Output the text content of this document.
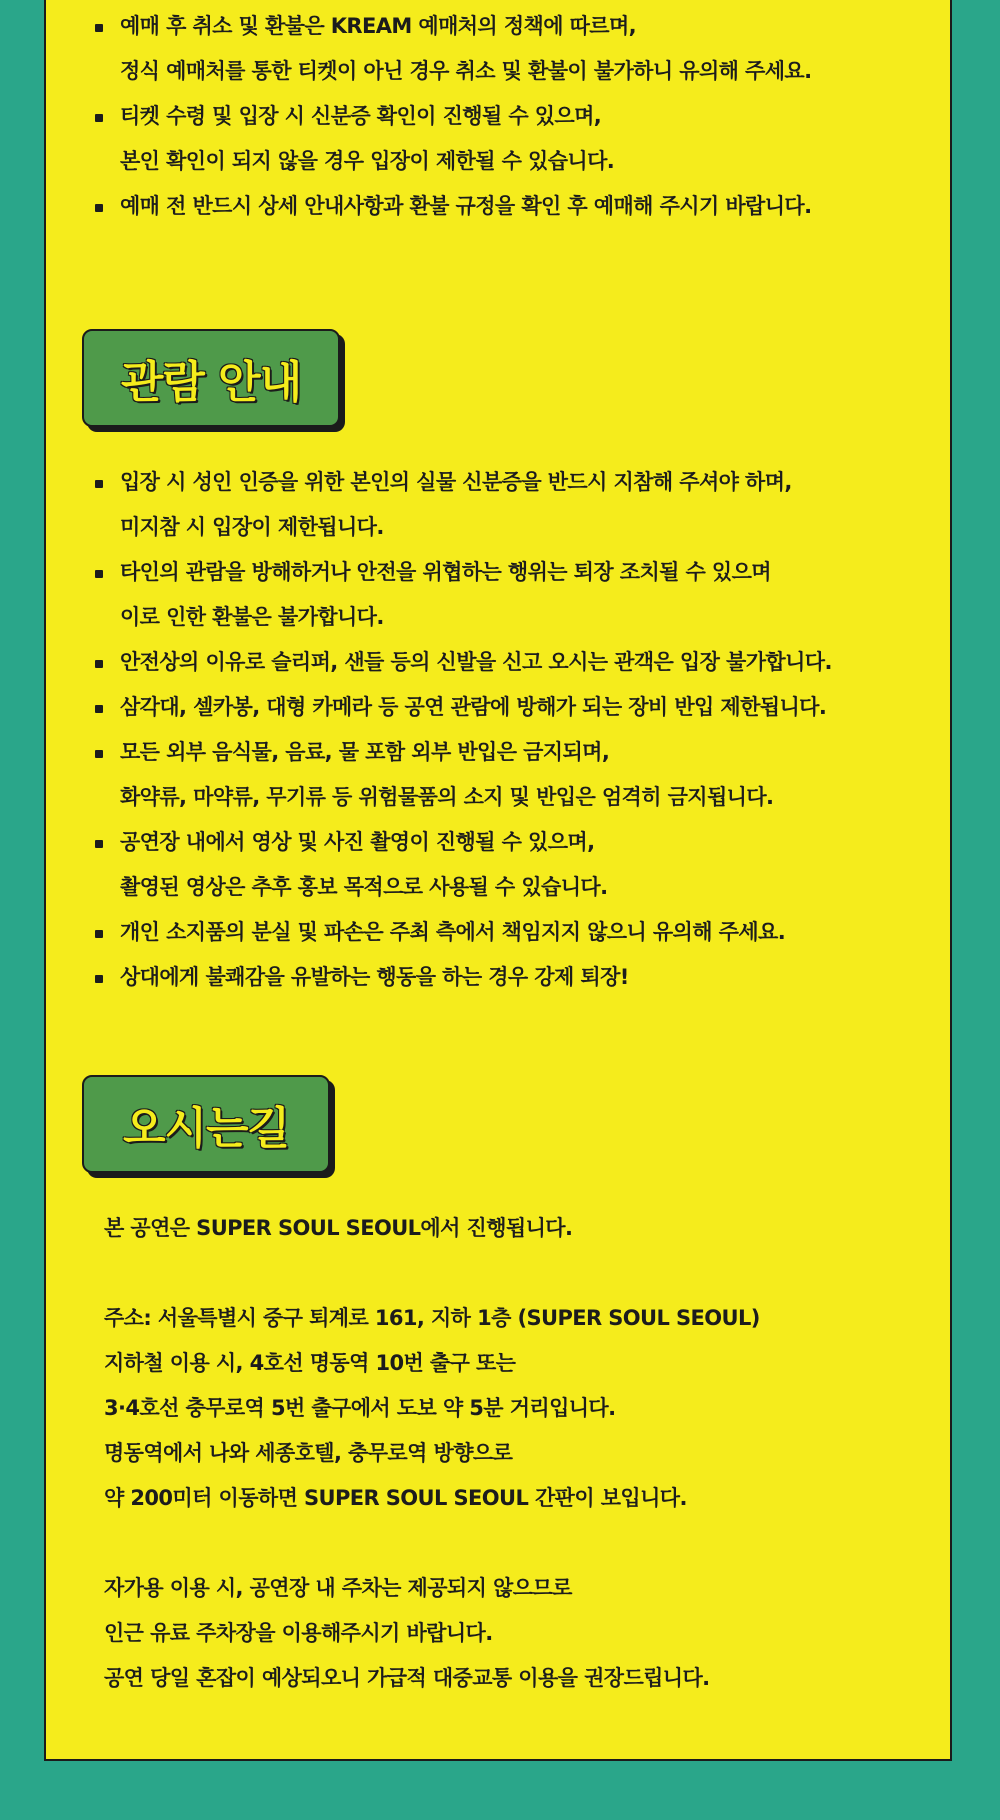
예매 후 취소 및 환불은 KREAM 예매처의 정책에 따르며,
정식 예매처를 통한 티켓이 아닌 경우 취소 및 환불이 불가하니 유의해 주세요.
티켓 수령 및 입장 시 신분증 확인이 진행될 수 있으며,
본인 확인이 되지 않을 경우 입장이 제한될 수 있습니다.
예매 전 반드시 상세 안내사항과 환불 규정을 확인 후 예매해 주시기 바랍니다.
관람 안내
입장 시 성인 인증을 위한 본인의 실물 신분증을 반드시 지참해 주셔야 하며,
미지참 시 입장이 제한됩니다.
타인의 관람을 방해하거나 안전을 위협하는 행위는 퇴장 조치될 수 있으며
이로 인한 환불은 불가합니다.
안전상의 이유로 슬리퍼, 샌들 등의 신발을 신고 오시는 관객은 입장 불가합니다.
삼각대, 셀카봉, 대형 카메라 등 공연 관람에 방해가 되는 장비 반입 제한됩니다.
모든 외부 음식물, 음료, 물 포함 외부 반입은 금지되며,
화약류, 마약류, 무기류 등 위험물품의 소지 및 반입은 엄격히 금지됩니다.
공연장 내에서 영상 및 사진 촬영이 진행될 수 있으며,
촬영된 영상은 추후 홍보 목적으로 사용될 수 있습니다.
개인 소지품의 분실 및 파손은 주최 측에서 책임지지 않으니 유의해 주세요.
상대에게 불쾌감을 유발하는 행동을 하는 경우 강제 퇴장!
오시는길
본 공연은 SUPER SOUL SEOUL에서 진행됩니다.
주소: 서울특별시 중구 퇴계로 161, 지하 1층 (SUPER SOUL SEOUL)
지하철 이용 시, 4호선 명동역 10번 출구 또는
3·4호선 충무로역 5번 출구에서 도보 약 5분 거리입니다.
명동역에서 나와 세종호텔, 충무로역 방향으로
약 200미터 이동하면 SUPER SOUL SEOUL 간판이 보입니다.
자가용 이용 시, 공연장 내 주차는 제공되지 않으므로
인근 유료 주차장을 이용해주시기 바랍니다.
공연 당일 혼잡이 예상되오니 가급적 대중교통 이용을 권장드립니다.
